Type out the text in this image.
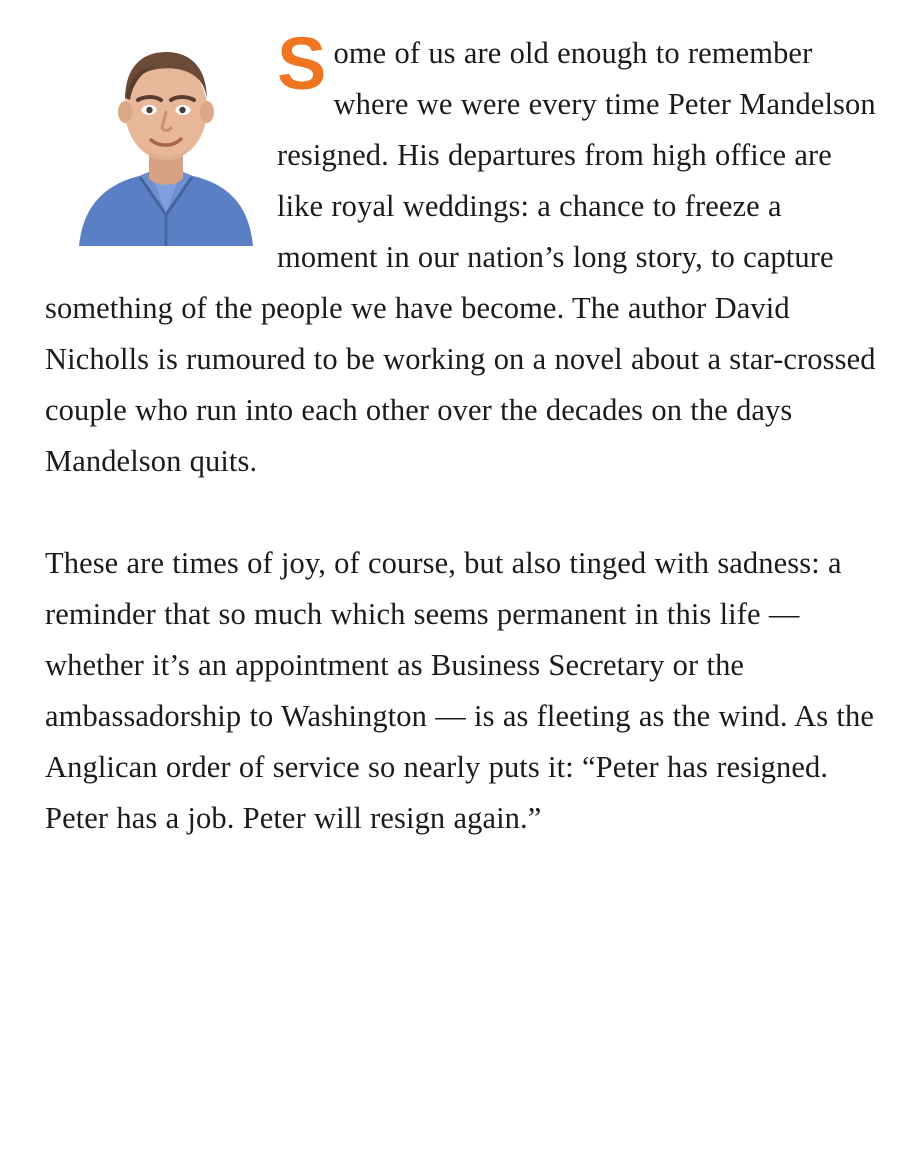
Some of us are old enough to remember where we were every time Peter Mandelson resigned. His departures from high office are like royal weddings: a chance to freeze a moment in our nation’s long story, to capture something of the people we have become. The author David Nicholls is rumoured to be working on a novel about a star-crossed couple who run into each other over the decades on the days Mandelson quits.

These are times of joy, of course, but also tinged with sadness: a reminder that so much which seems permanent in this life — whether it’s an appointment as Business Secretary or the ambassadorship to Washington — is as fleeting as the wind. As the Anglican order of service so nearly puts it: “Peter has resigned. Peter has a job. Peter will resign again.”
